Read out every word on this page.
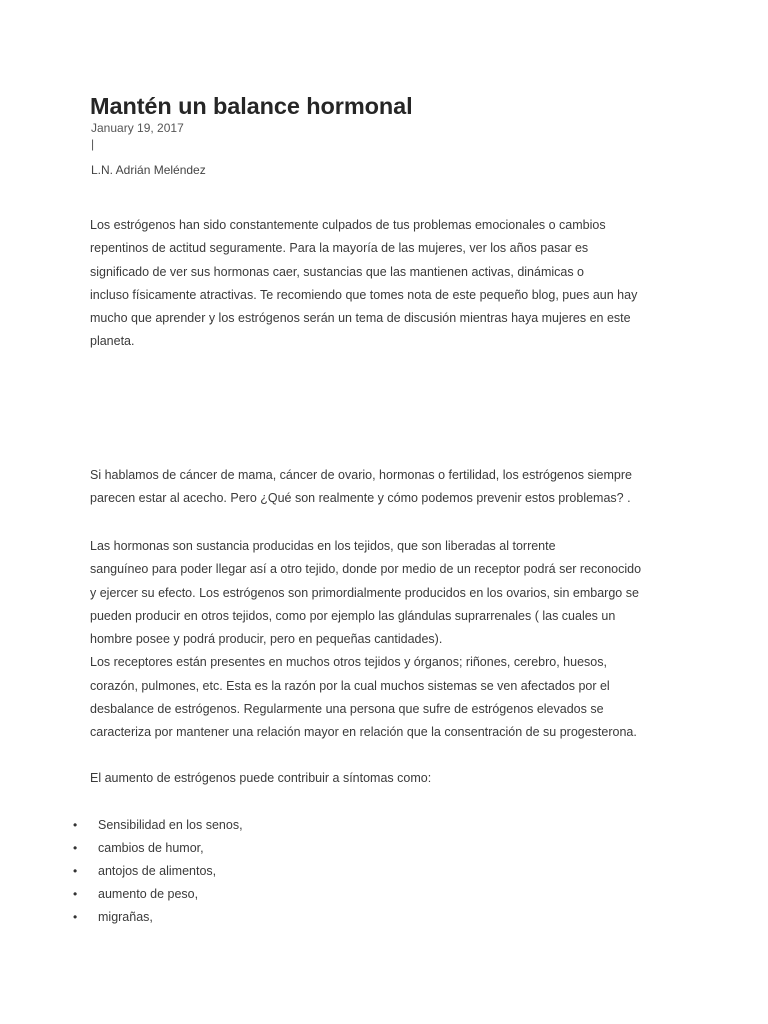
Mantén un balance hormonal
January 19, 2017
|
L.N. Adrián Meléndez
Los estrógenos han sido constantemente culpados de tus problemas emocionales o cambios
repentinos de actitud seguramente. Para la mayoría de las mujeres, ver los años pasar es
significado de ver sus hormonas caer, sustancias que las mantienen activas, dinámicas o
incluso físicamente atractivas. Te recomiendo que tomes nota de este pequeño blog, pues aun hay
mucho que aprender y los estrógenos serán un tema de discusión mientras haya mujeres en este
planeta.
Si hablamos de cáncer de mama, cáncer de ovario, hormonas o fertilidad, los estrógenos siempre
parecen estar al acecho. Pero ¿Qué son realmente y cómo podemos prevenir estos problemas? .
Las hormonas son sustancia producidas en los tejidos, que son liberadas al torrente
sanguíneo para poder llegar así a otro tejido, donde por medio de un receptor podrá ser reconocido
y ejercer su efecto. Los estrógenos son primordialmente producidos en los ovarios, sin embargo se
pueden producir en otros tejidos, como por ejemplo las glándulas suprarrenales ( las cuales un
hombre posee y podrá producir, pero en pequeñas cantidades).
Los receptores están presentes en muchos otros tejidos y órganos; riñones, cerebro, huesos,
corazón, pulmones, etc. Esta es la razón por la cual muchos sistemas se ven afectados por el
desbalance de estrógenos. Regularmente una persona que sufre de estrógenos elevados se
caracteriza por mantener una relación mayor en relación que la consentración de su progesterona.
El aumento de estrógenos puede contribuir a síntomas como:
• Sensibilidad en los senos,
• cambios de humor,
• antojos de alimentos,
• aumento de peso,
• migrañas,
